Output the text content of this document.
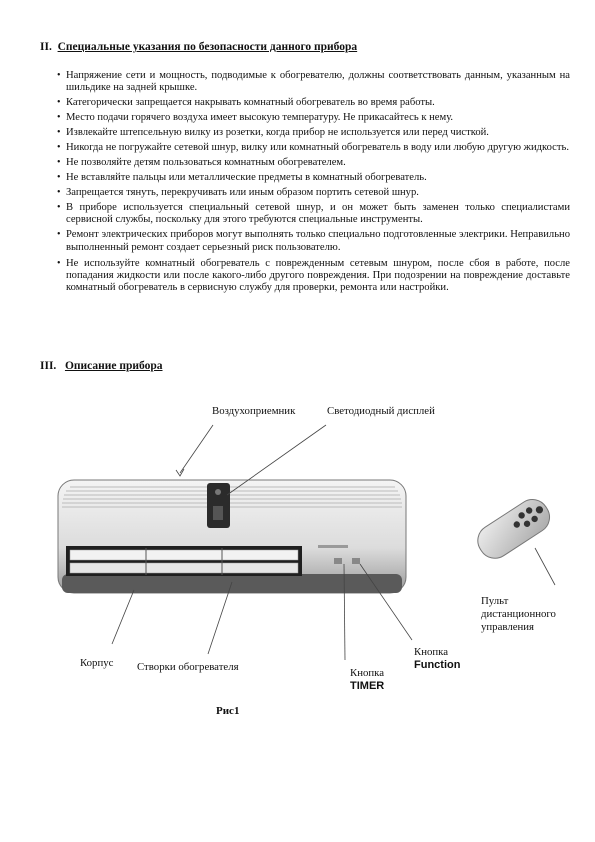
II. Специальные указания по безопасности данного прибора
• Напряжение сети и мощность, подводимые к обогревателю, должны соответствовать данным, указанным на шильдике на задней крышке.
• Категорически запрещается накрывать комнатный обогреватель во время работы.
• Место подачи горячего воздуха имеет высокую температуру. Не прикасайтесь к нему.
• Извлекайте штепсельную вилку из розетки, когда прибор не используется или перед чисткой.
• Никогда не погружайте сетевой шнур, вилку или комнатный обогреватель в воду или любую другую жидкость.
• Не позволяйте детям пользоваться комнатным обогревателем.
• Не вставляйте пальцы или металлические предметы в комнатный обогреватель.
• Запрещается тянуть, перекручивать или иным образом портить сетевой шнур.
• В приборе используется специальный сетевой шнур, и он может быть заменен только специалистами сервисной службы, поскольку для этого требуются специальные инструменты.
• Ремонт электрических приборов могут выполнять только специально подготовленные электрики. Неправильно выполненный ремонт создает серьезный риск пользователю.
• Не используйте комнатный обогреватель с поврежденным сетевым шнуром, после сбоя в работе, после попадания жидкости или после какого-либо другого повреждения. При подозрении на повреждение доставьте комнатный обогреватель в сервисную службу для проверки, ремонта или настройки.
III. Описание прибора
Воздухоприемник	Светодиодный дисплей
Пульт
дистанционного
управления
Кнопка
Function
Кнопка
TIMER
Корпус Створки обогревателя
Рис1
